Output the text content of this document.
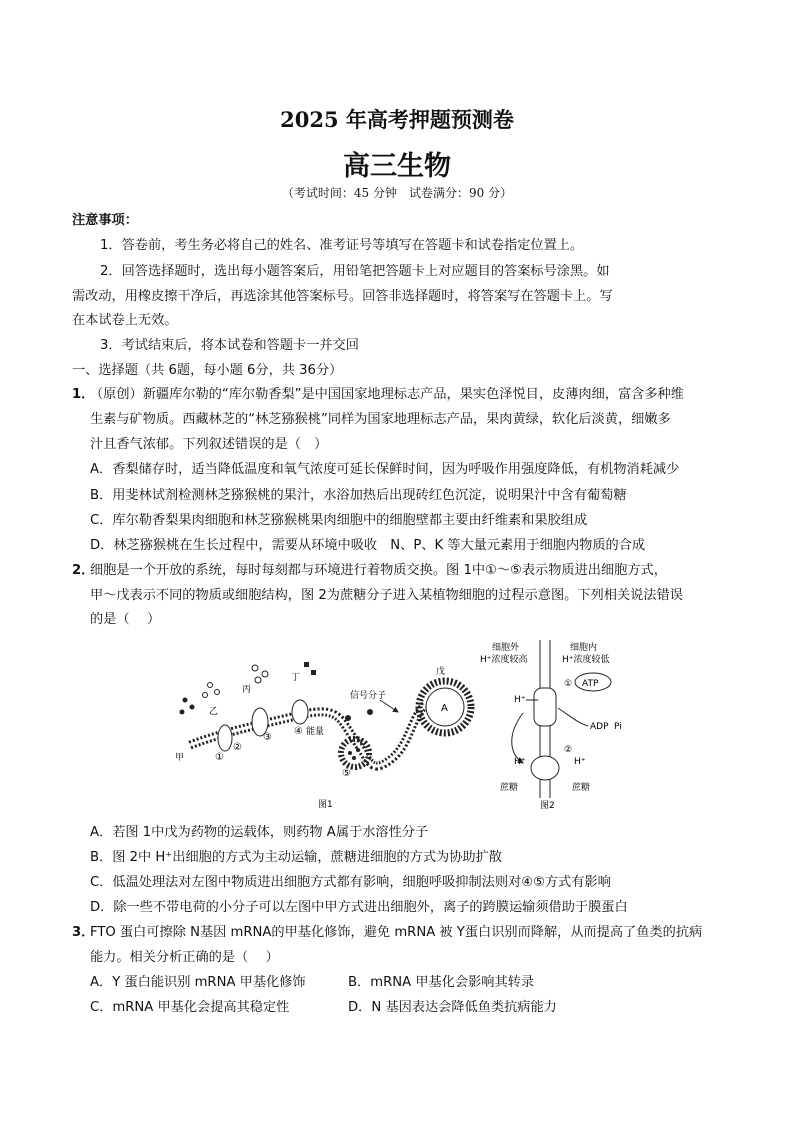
2025 年高考押题预测卷
高三生物
（考试时间：45 分钟　试卷满分：90 分）
注意事项：
1．答卷前，考生务必将自己的姓名、准考证号等填写在答题卡和试卷指定位置上。
2．回答选择题时，选出每小题答案后，用铅笔把答题卡上对应题目的答案标号涂黑。如
需改动，用橡皮擦干净后，再选涂其他答案标号。回答非选择题时，将答案写在答题卡上。写
在本试卷上无效。
3．考试结束后，将本试卷和答题卡一并交回
一、选择题（共 6题，每小题 6分，共 36分）
1．
（原创）新疆库尔勒的“库尔勒香梨”是中国国家地理标志产品，果实色泽悦目，皮薄肉细，富含多种维
生素与矿物质。西藏林芝的“林芝猕猴桃”同样为国家地理标志产品，果肉黄绿，软化后淡黄，细嫩多
汁且香气浓郁。下列叙述错误的是（　）
A．香梨储存时，适当降低温度和氧气浓度可延长保鲜时间，因为呼吸作用强度降低，有机物消耗减少
B．用斐林试剂检测林芝猕猴桃的果汁，水浴加热后出现砖红色沉淀，说明果汁中含有葡萄糖
C．库尔勒香梨果肉细胞和林芝猕猴桃果肉细胞中的细胞壁都主要由纤维素和果胶组成
D．林芝猕猴桃在生长过程中，需要从环境中吸收　N、P、K 等大量元素用于细胞内物质的合成
2．
细胞是一个开放的系统，每时每刻都与环境进行着物质交换。图 1中①～⑤表示物质进出细胞方式，
甲～戊表示不同的物质或细胞结构，图 2为蔗糖分子进入某植物细胞的过程示意图。下列相关说法错误
的是（　 ）
A
戊
甲
乙
丙
丁
信号分子
①
②
③
④ 能量
⑤
图1
细胞外
H⁺浓度较高
细胞内
H⁺浓度较低
H⁺
① ATP
ADP Pi
②
H⁺	H⁺
蔗糖	蔗糖
图2
A．若图 1中戊为药物的运载体，则药物 A属于水溶性分子
B．图 2中 H⁺出细胞的方式为主动运输，蔗糖进细胞的方式为协助扩散
C．低温处理法对左图中物质进出细胞方式都有影响，细胞呼吸抑制法则对④⑤方式有影响
D．除一些不带电荷的小分子可以左图中甲方式进出细胞外，离子的跨膜运输须借助于膜蛋白
3．
FTO 蛋白可擦除 N基因 mRNA的甲基化修饰，避免 mRNA 被 Y蛋白识别而降解，从而提高了鱼类的抗病
能力。相关分析正确的是（　 ）
A．Y 蛋白能识别 mRNA 甲基化修饰	B．mRNA 甲基化会影响其转录
C．mRNA 甲基化会提高其稳定性	D．N 基因表达会降低鱼类抗病能力
